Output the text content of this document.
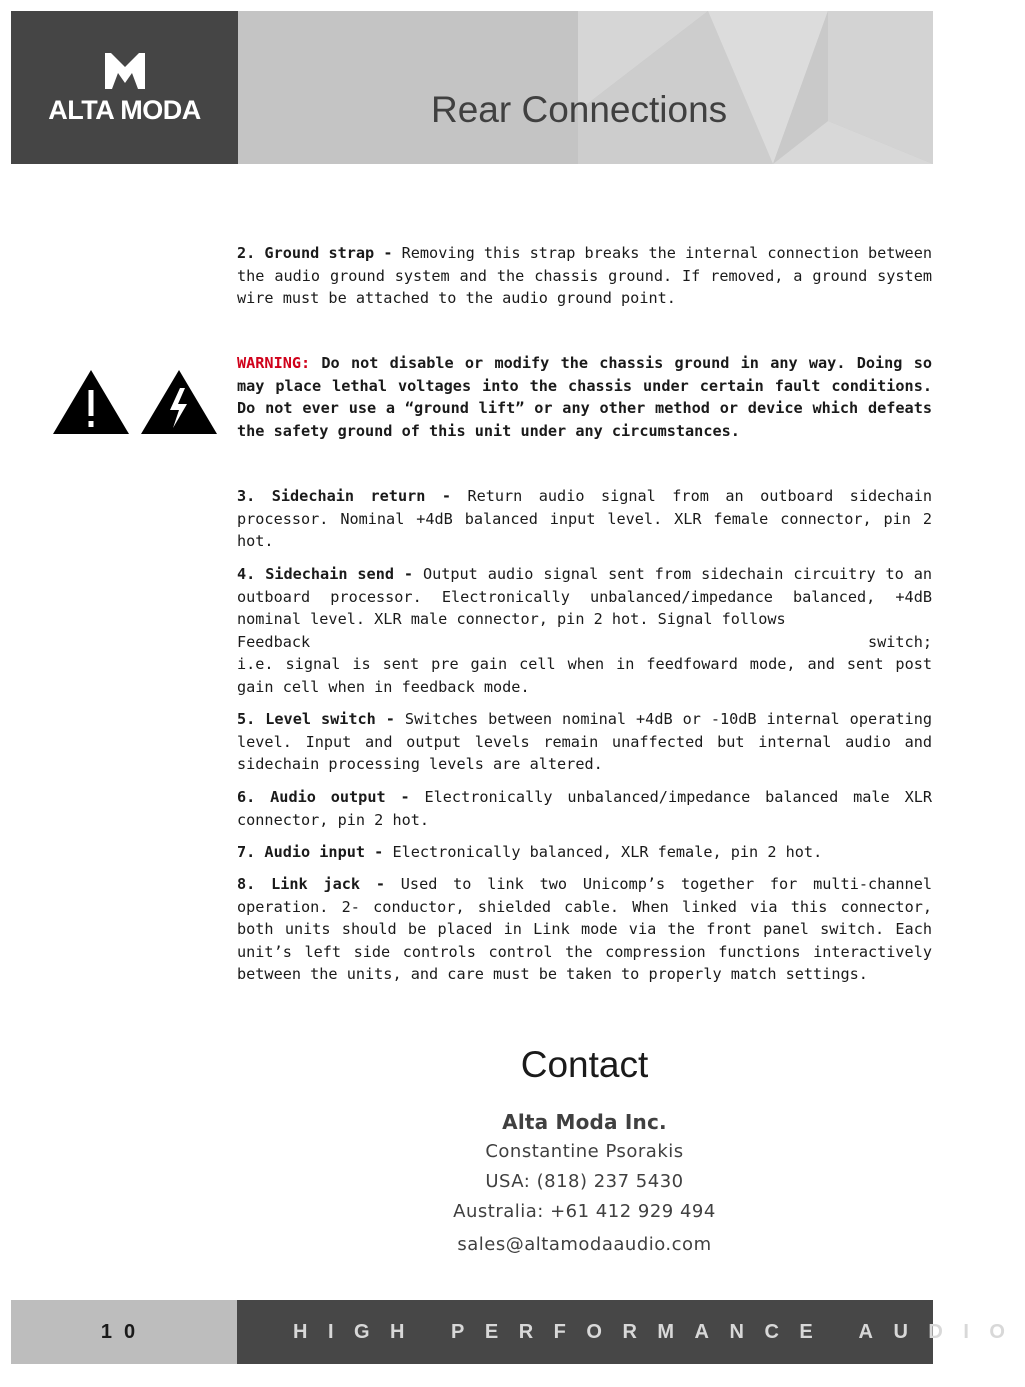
ALTA MODA	Rear Connections
2. Ground strap - Removing this strap breaks the internal connection between the audio ground system and the chassis ground. If removed, a ground system wire must be attached to the audio ground point.
WARNING: Do not disable or modify the chassis ground in any way. Doing so may place lethal voltages into the chassis under certain fault conditions. Do not ever use a “ground lift” or any other method or device which defeats the safety ground of this unit under any circumstances.
3. Sidechain return - Return audio signal from an outboard sidechain processor. Nominal +4dB balanced input level. XLR female connector, pin 2 hot.
4. Sidechain send - Output audio signal sent from sidechain circuitry to an outboard processor. Electronically unbalanced/impedance balanced, +4dB nominal level. XLR male connector, pin 2 hot. Signal follows
Feedback	switch;
i.e. signal is sent pre gain cell when in feedfoward mode, and sent post gain cell when in feedback mode.
5. Level switch - Switches between nominal +4dB or -10dB internal operating level. Input and output levels remain unaffected but internal audio and sidechain processing levels are altered.
6. Audio output - Electronically unbalanced/impedance balanced male XLR connector, pin 2 hot.
7. Audio input - Electronically balanced, XLR female, pin 2 hot.
8. Link jack - Used to link two Unicomp’s together for multi-channel operation. 2- conductor, shielded cable. When linked via this connector, both units should be placed in Link mode via the front panel switch. Each unit’s left side controls control the compression functions interactively between the units, and care must be taken to properly match settings.
Contact
Alta Moda Inc.
Constantine Psorakis
USA: (818) 237 5430
Australia: +61 412 929 494
sales@altamodaaudio.com
10	HIGH PERFORMANCE AUDIO
